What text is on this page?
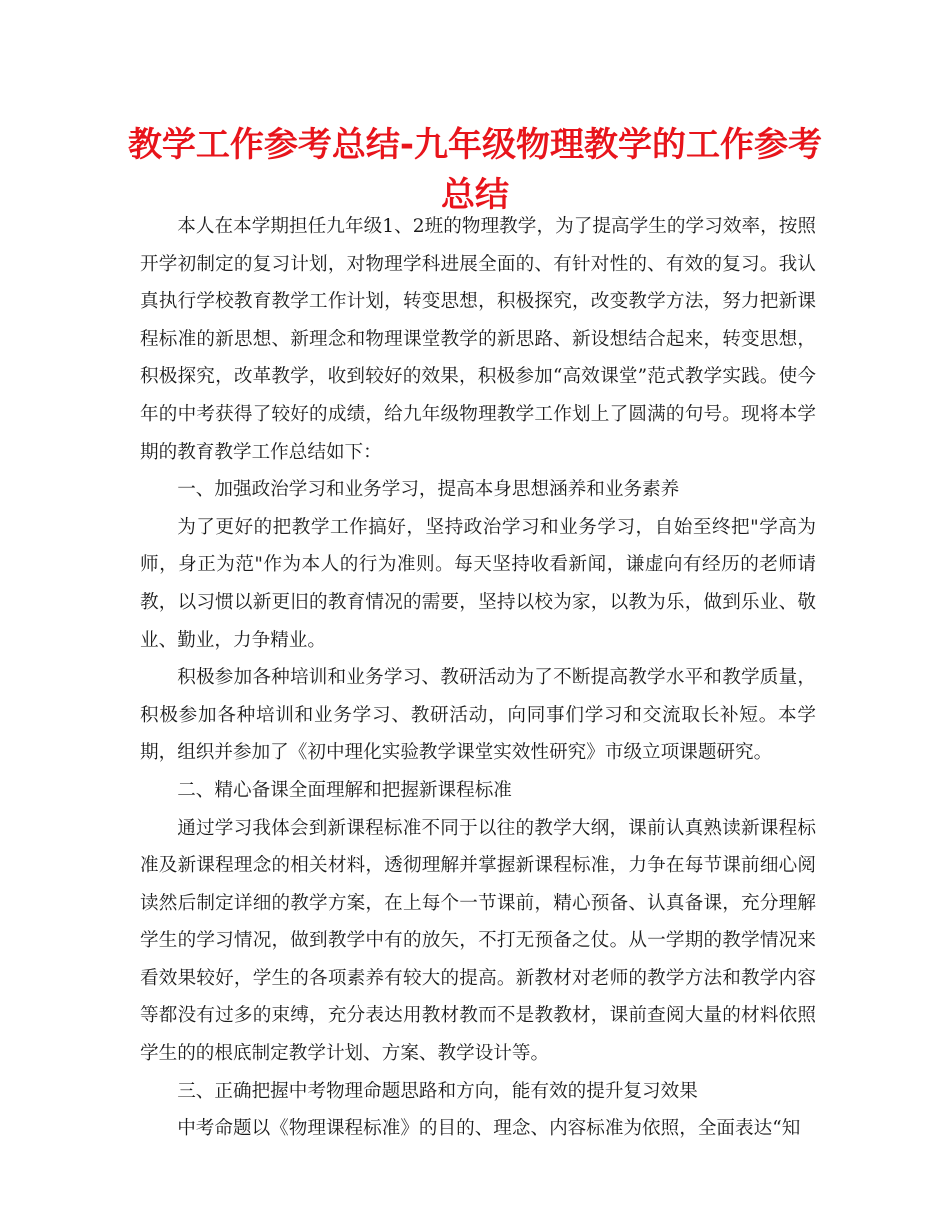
教学工作参考总结-九年级物理教学的工作参考总结

本人在本学期担任九年级1、2班的物理教学，为了提高学生的学习效率，按照开学初制定的复习计划，对物理学科进展全面的、有针对性的、有效的复习。我认真执行学校教育教学工作计划，转变思想，积极探究，改变教学方法，努力把新课程标准的新思想、新理念和物理课堂教学的新思路、新设想结合起来，转变思想，积极探究，改革教学，收到较好的效果，积极参加“高效课堂”范式教学实践。使今年的中考获得了较好的成绩，给九年级物理教学工作划上了圆满的句号。现将本学期的教育教学工作总结如下：

一、加强政治学习和业务学习，提高本身思想涵养和业务素养

为了更好的把教学工作搞好，坚持政治学习和业务学习，自始至终把"学高为师，身正为范"作为本人的行为准则。每天坚持收看新闻，谦虚向有经历的老师请教，以习惯以新更旧的教育情况的需要，坚持以校为家，以教为乐，做到乐业、敬业、勤业，力争精业。

积极参加各种培训和业务学习、教研活动为了不断提高教学水平和教学质量，积极参加各种培训和业务学习、教研活动，向同事们学习和交流取长补短。本学期，组织并参加了《初中理化实验教学课堂实效性研究》市级立项课题研究。

二、精心备课全面理解和把握新课程标准

通过学习我体会到新课程标准不同于以往的教学大纲，课前认真熟读新课程标准及新课程理念的相关材料，透彻理解并掌握新课程标准，力争在每节课前细心阅读然后制定详细的教学方案，在上每个一节课前，精心预备、认真备课，充分理解学生的学习情况，做到教学中有的放矢，不打无预备之仗。从一学期的教学情况来看效果较好，学生的各项素养有较大的提高。新教材对老师的教学方法和教学内容等都没有过多的束缚，充分表达用教材教而不是教教材，课前查阅大量的材料依照学生的的根底制定教学计划、方案、教学设计等。

三、正确把握中考物理命题思路和方向，能有效的提升复习效果

中考命题以《物理课程标准》的目的、理念、内容标准为依照，全面表达“知
